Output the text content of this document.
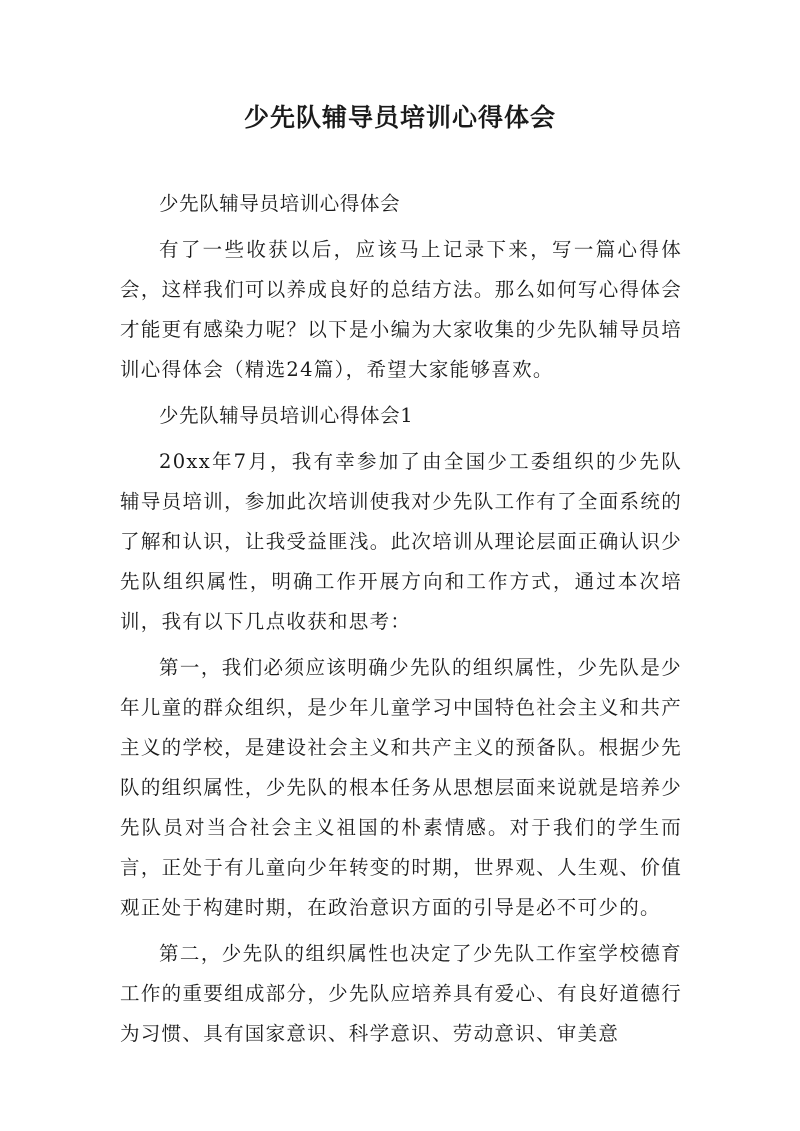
少先队辅导员培训心得体会

少先队辅导员培训心得体会

有了一些收获以后，应该马上记录下来，写一篇心得体会，这样我们可以养成良好的总结方法。那么如何写心得体会才能更有感染力呢？以下是小编为大家收集的少先队辅导员培训心得体会（精选24篇），希望大家能够喜欢。

少先队辅导员培训心得体会1

20xx年7月，我有幸参加了由全国少工委组织的少先队辅导员培训，参加此次培训使我对少先队工作有了全面系统的了解和认识，让我受益匪浅。此次培训从理论层面正确认识少先队组织属性，明确工作开展方向和工作方式，通过本次培训，我有以下几点收获和思考：

第一，我们必须应该明确少先队的组织属性，少先队是少年儿童的群众组织，是少年儿童学习中国特色社会主义和共产主义的学校，是建设社会主义和共产主义的预备队。根据少先队的组织属性，少先队的根本任务从思想层面来说就是培养少先队员对当合社会主义祖国的朴素情感。对于我们的学生而言，正处于有儿童向少年转变的时期，世界观、人生观、价值观正处于构建时期，在政治意识方面的引导是必不可少的。

第二，少先队的组织属性也决定了少先队工作室学校德育工作的重要组成部分，少先队应培养具有爱心、有良好道德行为习惯、具有国家意识、科学意识、劳动意识、审美意
